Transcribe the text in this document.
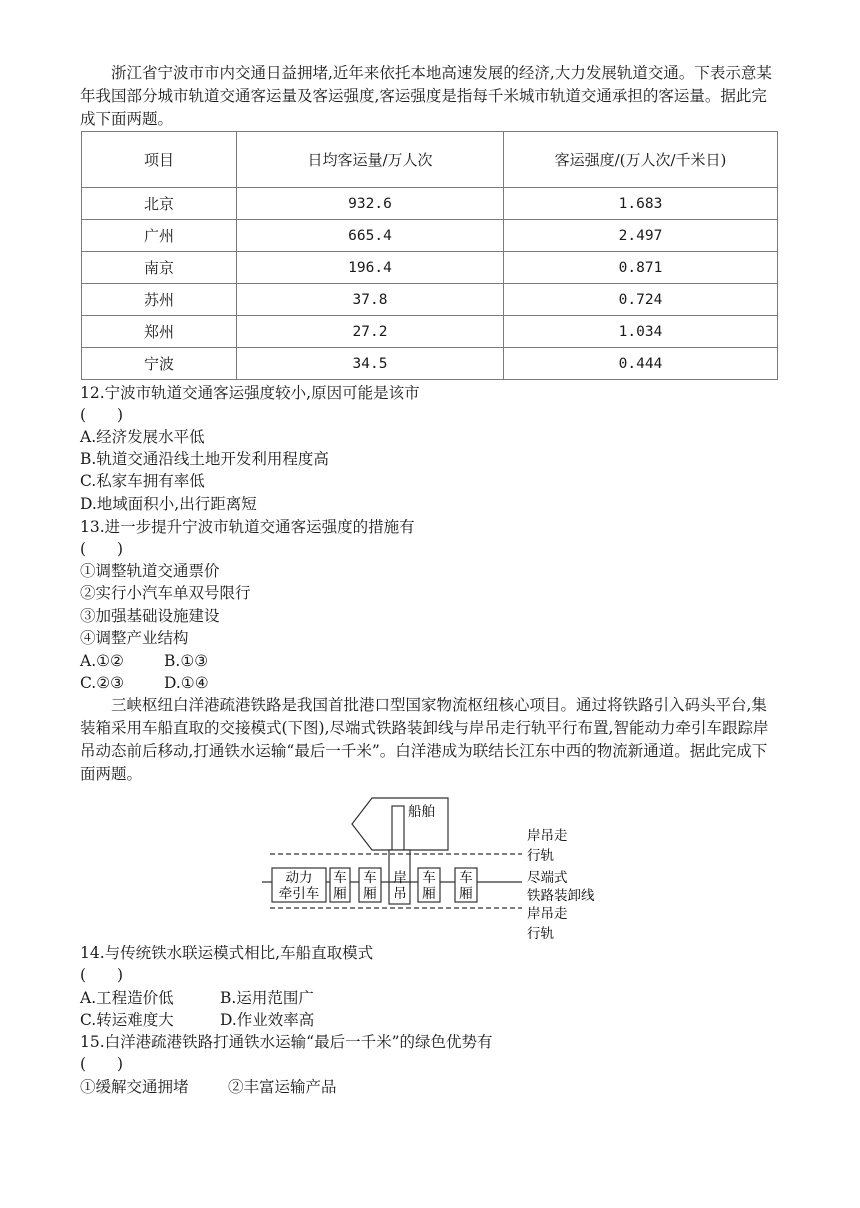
浙江省宁波市市内交通日益拥堵,近年来依托本地高速发展的经济,大力发展轨道交通。下表示意某年我国部分城市轨道交通客运量及客运强度,客运强度是指每千米城市轨道交通承担的客运量。据此完成下面两题。

项目	日均客运量/万人次	客运强度/(万人次/千米日)
北京	932.6	1.683
广州	665.4	2.497
南京	196.4	0.871
苏州	37.8	0.724
郑州	27.2	1.034
宁波	34.5	0.444
12.宁波市轨道交通客运强度较小,原因可能是该市
(　　)
A.经济发展水平低
B.轨道交通沿线土地开发利用程度高
C.私家车拥有率低
D.地域面积小,出行距离短
13.进一步提升宁波市轨道交通客运强度的措施有
(　　)
①调整轨道交通票价
②实行小汽车单双号限行
③加强基础设施建设
④调整产业结构
A.①②	B.①③
C.②③	D.①④

三峡枢纽白洋港疏港铁路是我国首批港口型国家物流枢纽核心项目。通过将铁路引入码头平台,集装箱采用车船直取的交接模式(下图),尽端式铁路装卸线与岸吊走行轨平行布置,智能动力牵引车跟踪岸吊动态前后移动,打通铁水运输“最后一千米”。白洋港成为联结长江东中西的物流新通道。据此完成下面两题。

船舶
动力
牵引车
车
厢
车
厢
岸
吊
车
厢
车
厢
岸吊走
行轨
尽端式
铁路装卸线
岸吊走
行轨
14.与传统铁水联运模式相比,车船直取模式
(　　)
A.工程造价低	B.运用范围广
C.转运难度大	D.作业效率高
15.白洋港疏港铁路打通铁水运输“最后一千米”的绿色优势有
(　　)
①缓解交通拥堵	②丰富运输产品
